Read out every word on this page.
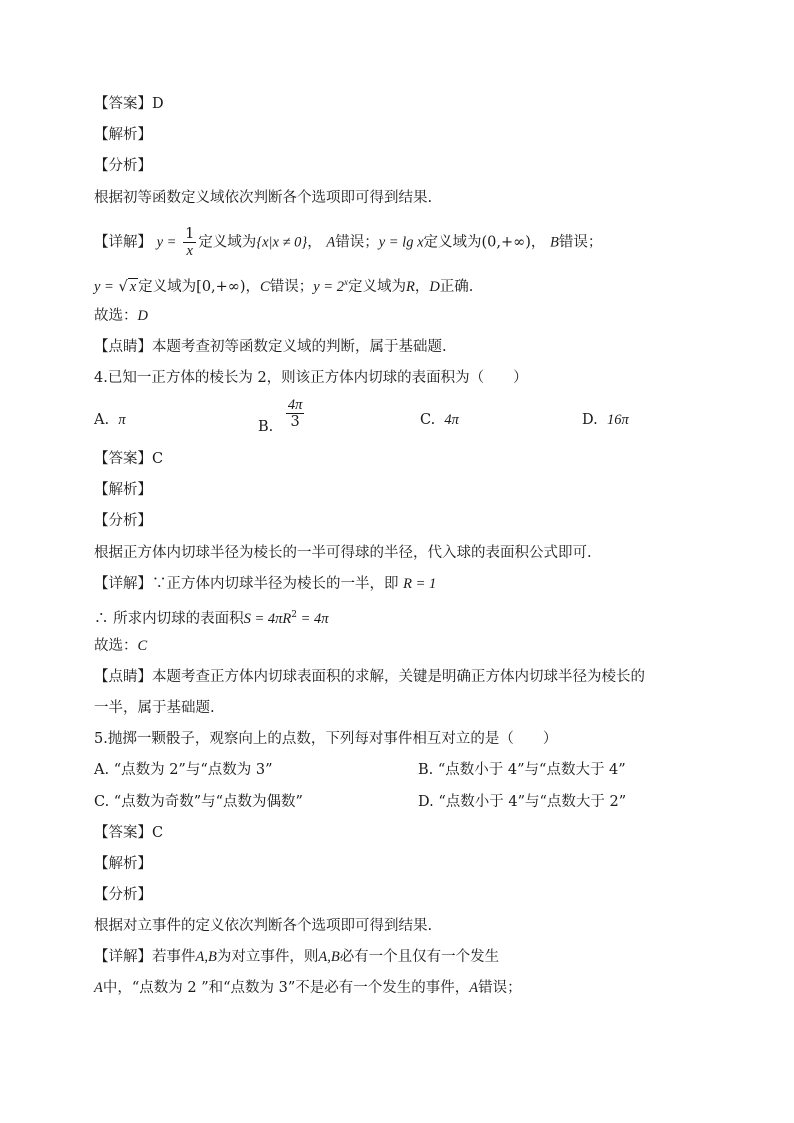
【答案】D
【解析】
【分析】
根据初等函数定义域依次判断各个选项即可得到结果.
【详解】 $y = \frac{1}{x}$ 定义域为{x|x ≠ 0}， A错误；y = lg x定义域为(0,+∞)， B错误；
y = √ x 定义域为[0,+∞)，C错误；$y = 2^x$定义域为R，D正确.
故选：D
【点睛】本题考查初等函数定义域的判断，属于基础题.
4.已知一正方体的棱长为 2，则该正方体内切球的表面积为（　　）
A. π	B. $\frac{4\pi}{3}$	C. 4π	D. 16π
【答案】C
【解析】
【分析】
根据正方体内切球半径为棱长的一半可得球的半径，代入球的表面积公式即可.
【详解】∵正方体内切球半径为棱长的一半，即 R = 1
∴ 所求内切球的表面积$S = 4\pi R^2 = 4\pi$
故选：C
【点睛】本题考查正方体内切球表面积的求解，关键是明确正方体内切球半径为棱长的
一半，属于基础题.
5.抛掷一颗骰子，观察向上的点数，下列每对事件相互对立的是（　　）
A. “点数为 2”与“点数为 3”	B. “点数小于 4”与“点数大于 4”
C. “点数为奇数”与“点数为偶数”	D. “点数小于 4”与“点数大于 2”
【答案】C
【解析】
【分析】
根据对立事件的定义依次判断各个选项即可得到结果.
【详解】若事件A,B为对立事件，则A,B必有一个且仅有一个发生
A中，“点数为 2 ”和“点数为 3”不是必有一个发生的事件，A错误；
